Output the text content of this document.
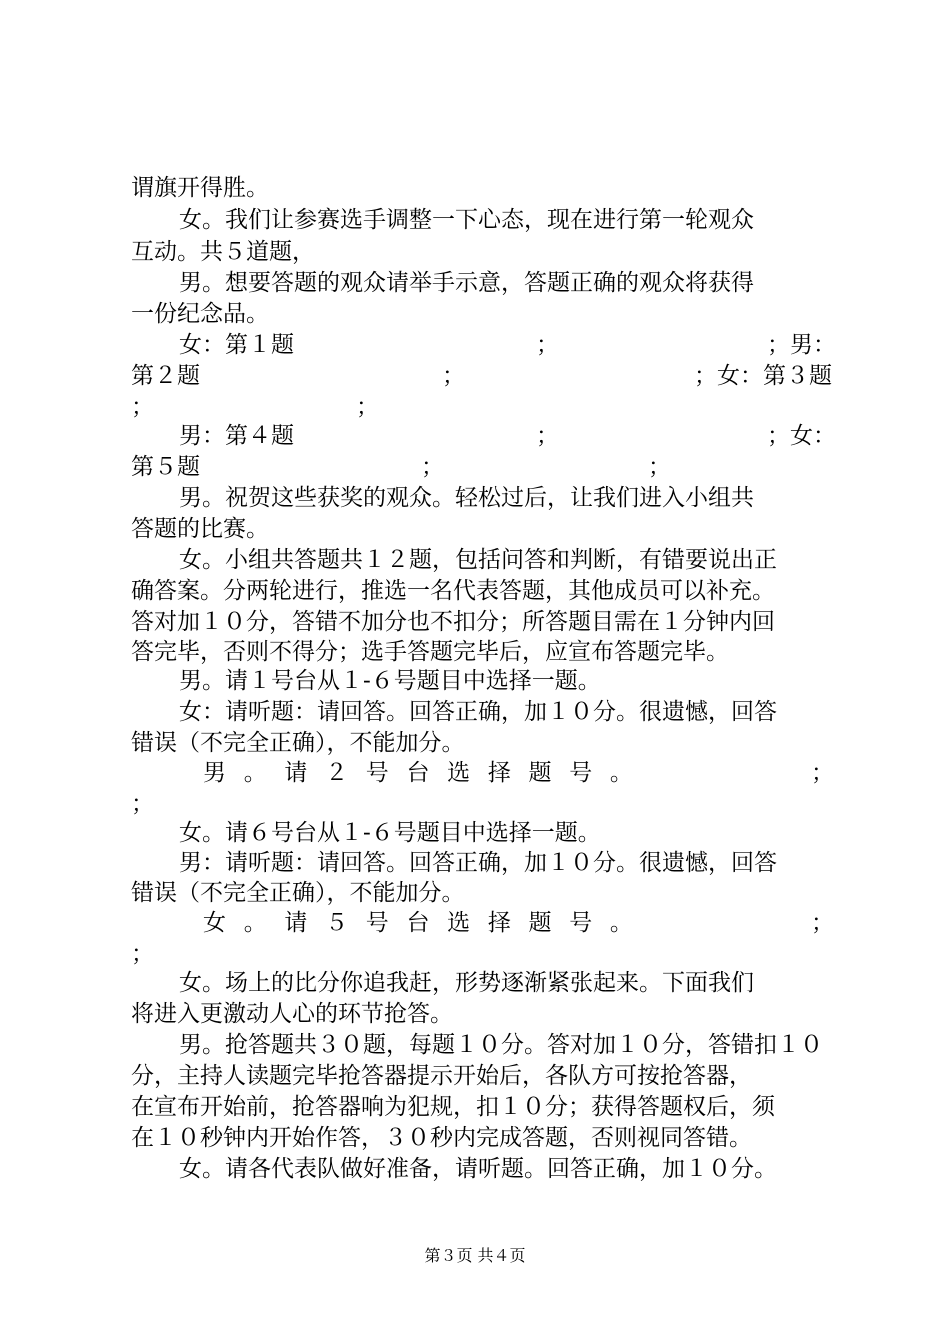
谓旗开得胜。
女。我们让参赛选手调整一下心态，现在进行第一轮观众
互动。共５道题，
男。想要答题的观众请举手示意，答题正确的观众将获得
一份纪念品。
女：第１题	；	；男：
第２题	；	；女：第３题
；	；
男：第４题	；	；女：
第５题	；	；
男。祝贺这些获奖的观众。轻松过后，让我们进入小组共
答题的比赛。
女。小组共答题共１２题，包括问答和判断，有错要说出正
确答案。分两轮进行，推选一名代表答题，其他成员可以补充。
答对加１０分，答错不加分也不扣分；所答题目需在１分钟内回
答完毕，否则不得分；选手答题完毕后，应宣布答题完毕。
男。请１号台从１-６号题目中选择一题。
女：请听题：请回答。回答正确，加１０分。很遗憾，回答
错误（不完全正确），不能加分。
男 。 请 ２ 号 台 选 择 题 号 。	；
；
女。请６号台从１-６号题目中选择一题。
男：请听题：请回答。回答正确，加１０分。很遗憾，回答
错误（不完全正确），不能加分。
女 。 请 ５ 号 台 选 择 题 号 。	；
；
女。场上的比分你追我赶，形势逐渐紧张起来。下面我们
将进入更激动人心的环节抢答。
男。抢答题共３０题，每题１０分。答对加１０分，答错扣１０
分，主持人读题完毕抢答器提示开始后，各队方可按抢答器，
在宣布开始前，抢答器响为犯规，扣１０分；获得答题权后，须
在１０秒钟内开始作答，３０秒内完成答题，否则视同答错。
女。请各代表队做好准备，请听题。回答正确，加１０分。
第３页 共４页
